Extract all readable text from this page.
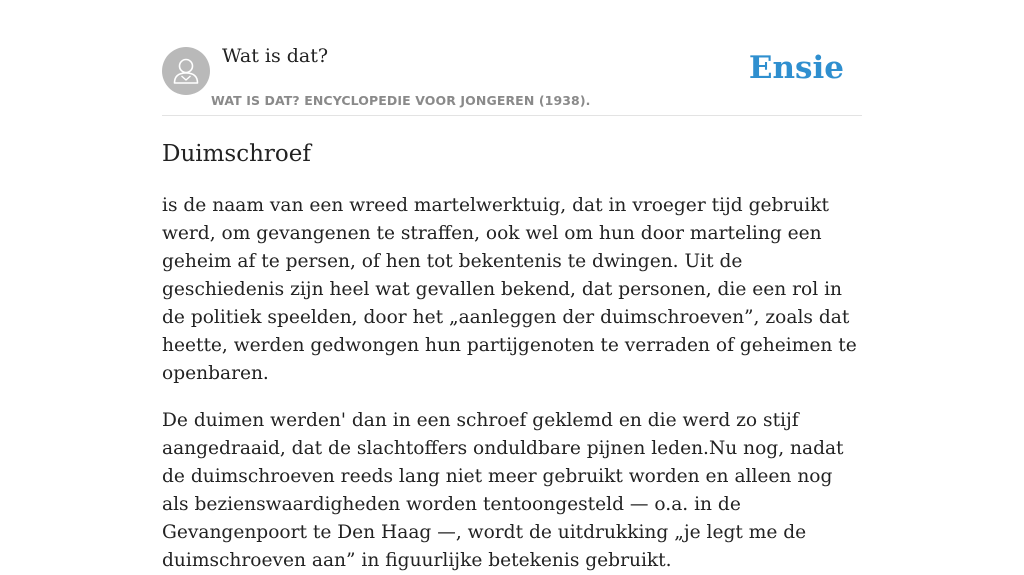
Wat is dat?
WAT IS DAT? ENCYCLOPEDIE VOOR JONGEREN (1938).
Ensie
Duimschroef

is de naam van een wreed martelwerktuig, dat in vroeger tijd gebruikt werd, om gevangenen te straffen, ook wel om hun door marteling een geheim af te persen, of hen tot bekentenis te dwingen. Uit de geschiedenis zijn heel wat gevallen bekend, dat personen, die een rol in de politiek speelden, door het „aanleggen der duimschroeven”, zoals dat heette, werden gedwongen hun partijgenoten te verraden of geheimen te openbaren.

De duimen werden' dan in een schroef geklemd en die werd zo stijf aangedraaid, dat de slachtoffers onduldbare pijnen leden.Nu nog, nadat de duimschroeven reeds lang niet meer gebruikt worden en alleen nog als bezienswaardigheden worden tentoongesteld — o.a. in de Gevangenpoort te Den Haag —, wordt de uitdrukking „je legt me de duimschroeven aan” in figuurlijke betekenis gebruikt.
